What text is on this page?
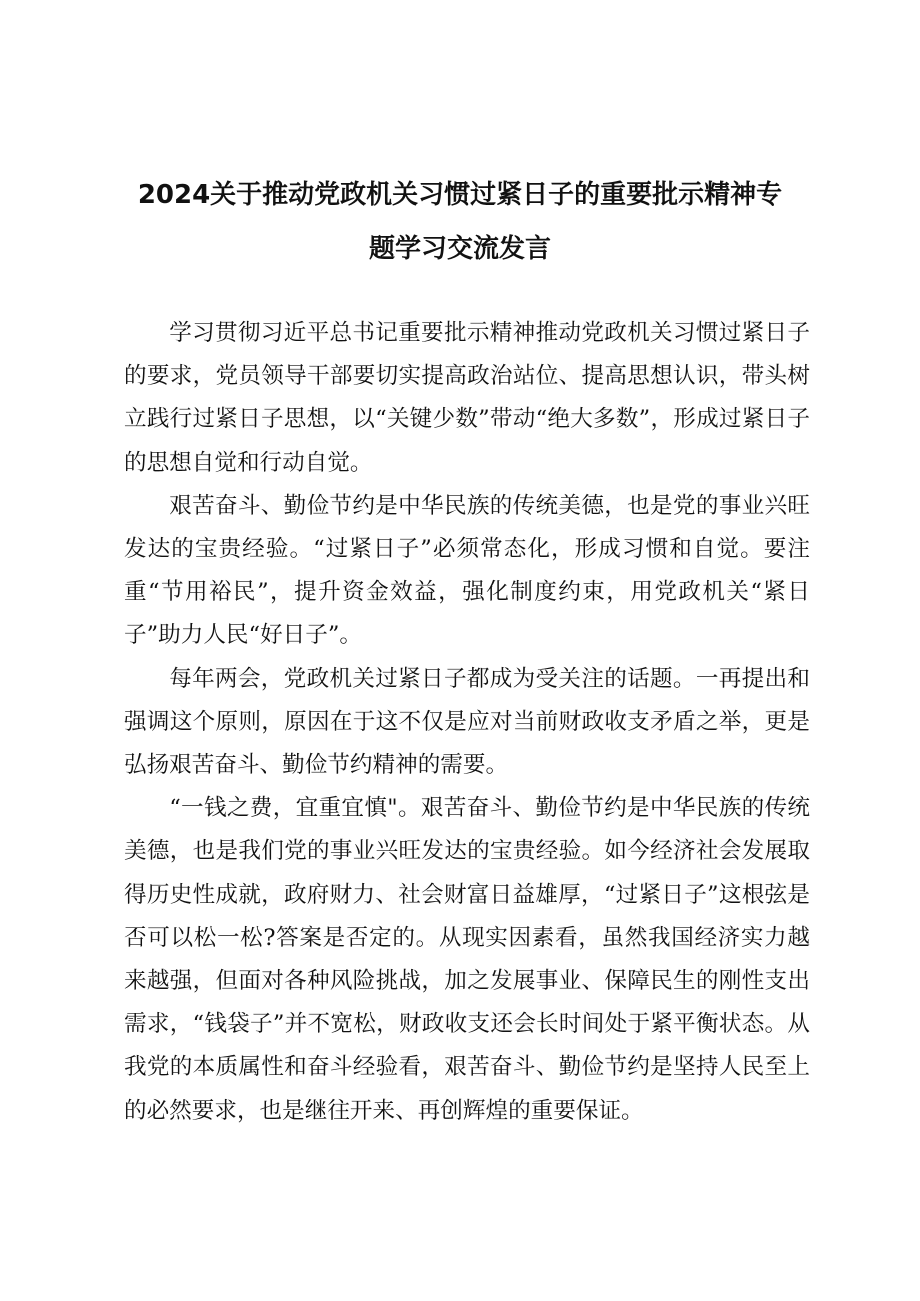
2024关于推动党政机关习惯过紧日子的重要批示精神专
题学习交流发言

学习贯彻习近平总书记重要批示精神推动党政机关习惯过紧日子的要求，党员领导干部要切实提高政治站位、提高思想认识，带头树立践行过紧日子思想，以“关键少数”带动“绝大多数”，形成过紧日子的思想自觉和行动自觉。

艰苦奋斗、勤俭节约是中华民族的传统美德，也是党的事业兴旺发达的宝贵经验。“过紧日子”必须常态化，形成习惯和自觉。要注重“节用裕民”，提升资金效益，强化制度约束，用党政机关“紧日子”助力人民“好日子”。

每年两会，党政机关过紧日子都成为受关注的话题。一再提出和强调这个原则，原因在于这不仅是应对当前财政收支矛盾之举，更是弘扬艰苦奋斗、勤俭节约精神的需要。

“一钱之费，宜重宜慎"。艰苦奋斗、勤俭节约是中华民族的传统美德，也是我们党的事业兴旺发达的宝贵经验。如今经济社会发展取得历史性成就，政府财力、社会财富日益雄厚，“过紧日子”这根弦是否可以松一松?答案是否定的。从现实因素看，虽然我国经济实力越来越强，但面对各种风险挑战，加之发展事业、保障民生的刚性支出需求，“钱袋子”并不宽松，财政收支还会长时间处于紧平衡状态。从我党的本质属性和奋斗经验看，艰苦奋斗、勤俭节约是坚持人民至上的必然要求，也是继往开来、再创辉煌的重要保证。
